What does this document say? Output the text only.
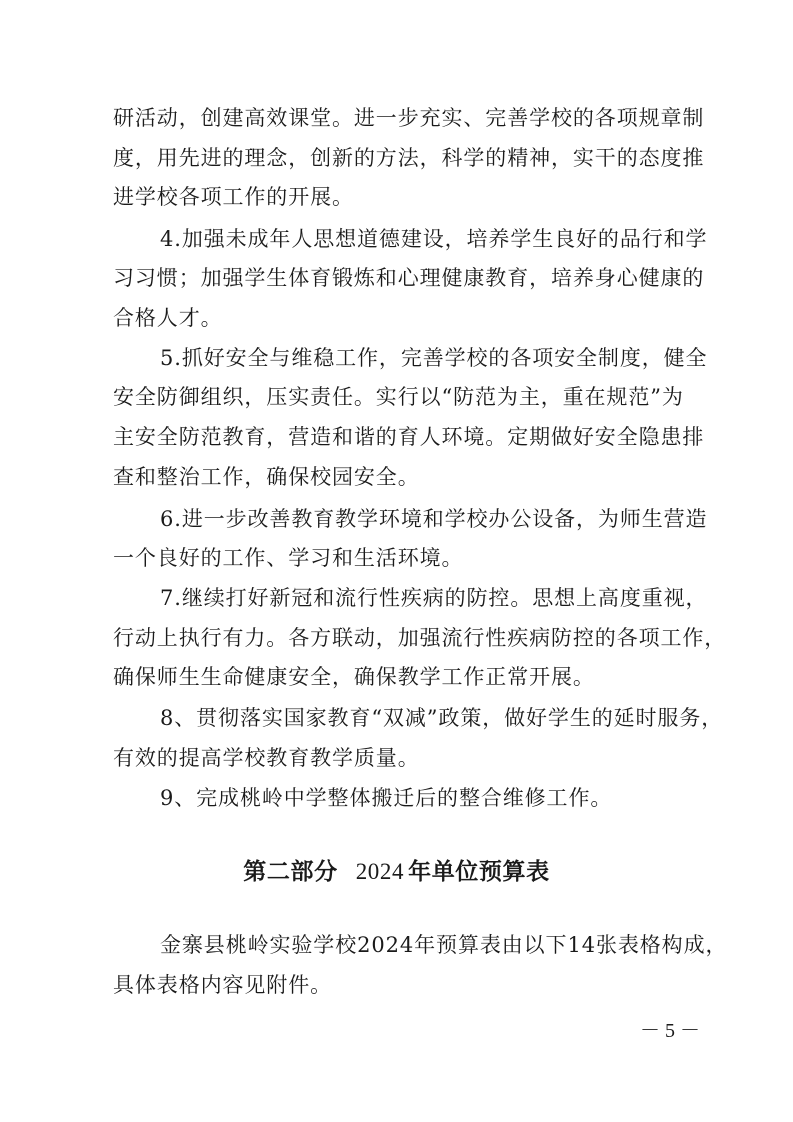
研活动，创建高效课堂。进一步充实、完善学校的各项规章制
度，用先进的理念，创新的方法，科学的精神，实干的态度推
进学校各项工作的开展。
4.加强未成年人思想道德建设，培养学生良好的品行和学
习习惯；加强学生体育锻炼和心理健康教育，培养身心健康的
合格人才。
5.抓好安全与维稳工作，完善学校的各项安全制度，健全
安全防御组织，压实责任。实行以“防范为主，重在规范”为
主安全防范教育，营造和谐的育人环境。定期做好安全隐患排
查和整治工作，确保校园安全。
6.进一步改善教育教学环境和学校办公设备，为师生营造
一个良好的工作、学习和生活环境。
7.继续打好新冠和流行性疾病的防控。思想上高度重视，
行动上执行有力。各方联动，加强流行性疾病防控的各项工作，
确保师生生命健康安全，确保教学工作正常开展。
8、贯彻落实国家教育“双减”政策，做好学生的延时服务，
有效的提高学校教育教学质量。
9、完成桃岭中学整体搬迁后的整合维修工作。
第二部分 2024 年单位预算表
金寨县桃岭实验学校2024年预算表由以下14张表格构成，
具体表格内容见附件。
－ 5 －
